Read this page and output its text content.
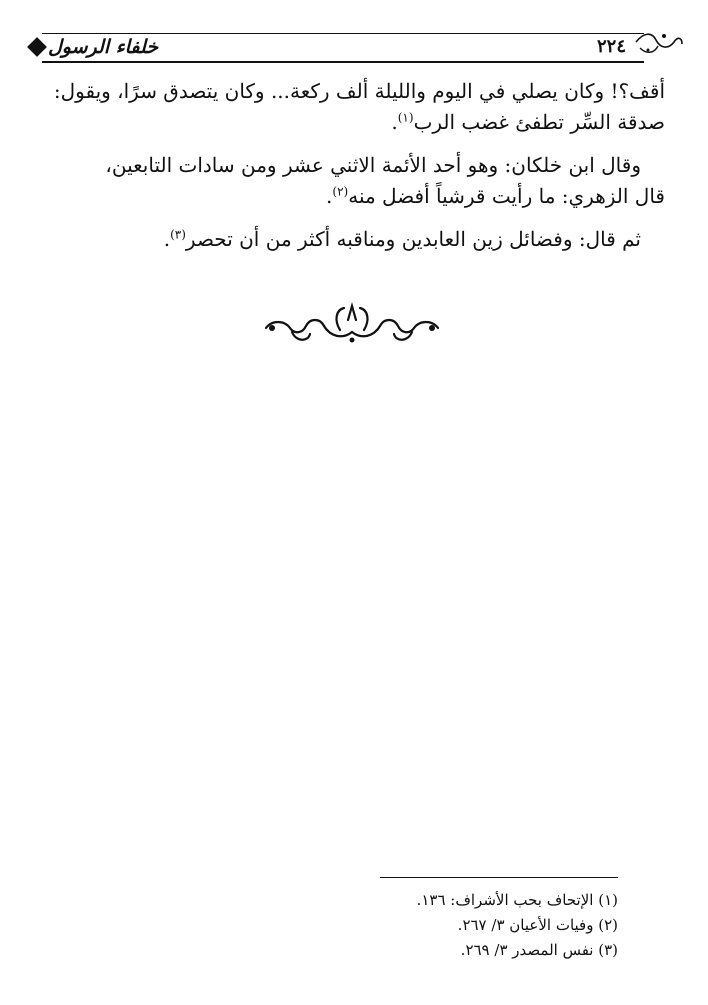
خلفاء الرسول	٢٢٤

أقف؟! وكان يصلي في اليوم والليلة ألف ركعة... وكان يتصدق سرًا، ويقول:
صدقة السِّر تطفئ غضب الرب$^{(١)}$.

وقال ابن خلكان: وهو أحد الأئمة الاثني عشر ومن سادات التابعين،
قال الزهري: ما رأيت قرشياً أفضل منه$^{(٢)}$.

ثم قال: وفضائل زين العابدين ومناقبه أكثر من أن تحصر$^{(٣)}$.

(١) الإتحاف بحب الأشراف: ١٣٦.
(٢) وفيات الأعيان ٣/ ٢٦٧.
(٣) نفس المصدر ٣/ ٢٦٩.
